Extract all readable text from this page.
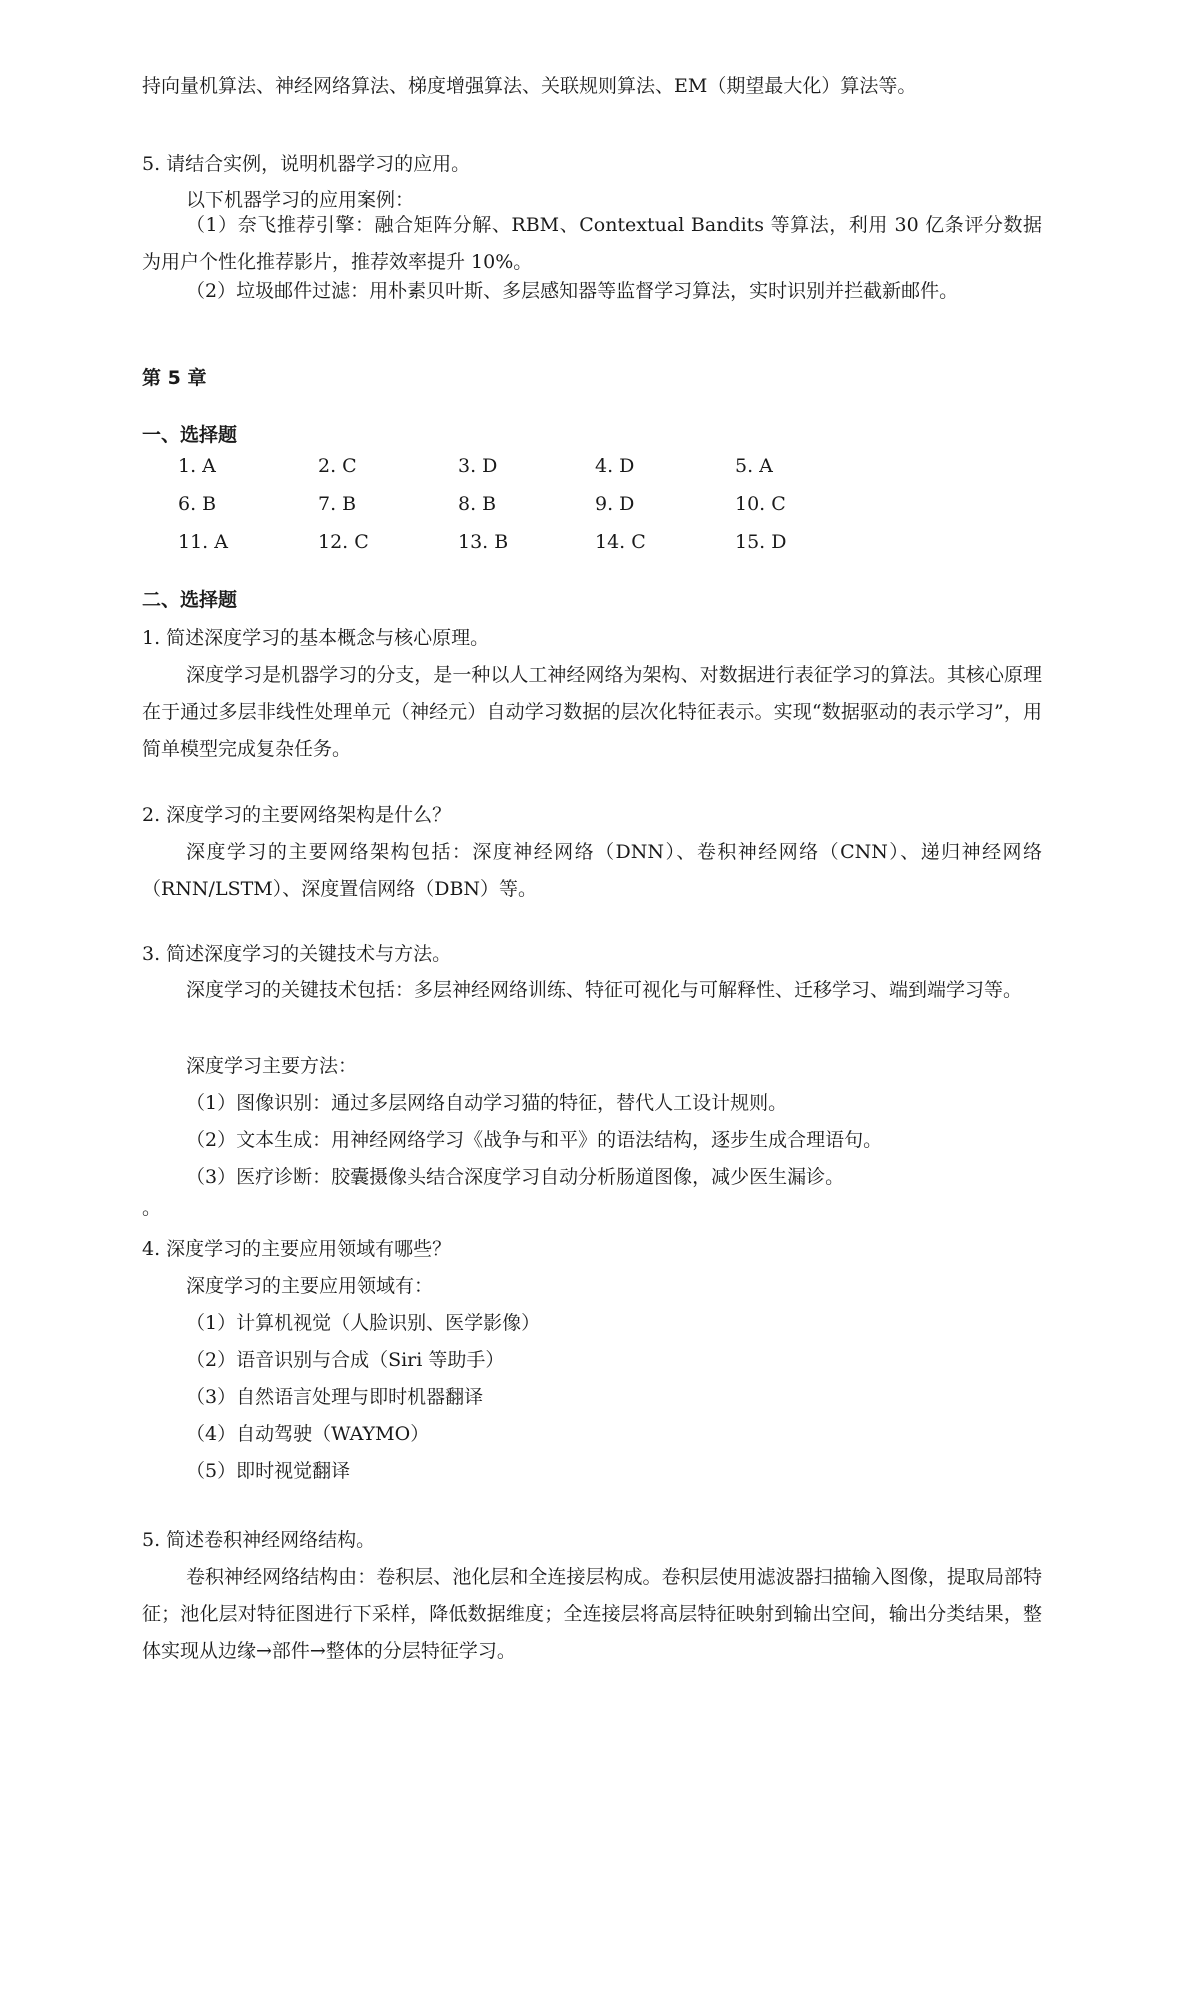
持向量机算法、神经网络算法、梯度增强算法、关联规则算法、EM（期望最大化）算法等。
5. 请结合实例，说明机器学习的应用。
以下机器学习的应用案例：
（1）奈飞推荐引擎：融合矩阵分解、RBM、Contextual Bandits 等算法，利用 30 亿条评分数据为用户个性化推荐影片，推荐效率提升 10%。
（2）垃圾邮件过滤：用朴素贝叶斯、多层感知器等监督学习算法，实时识别并拦截新邮件。
第 5 章
一、选择题
1. A	2. C	3. D	4. D	5. A
6. B	7. B	8. B	9. D	10. C
11. A	12. C	13. B	14. C	15. D
二、选择题
1. 简述深度学习的基本概念与核心原理。
深度学习是机器学习的分支，是一种以人工神经网络为架构、对数据进行表征学习的算法。其核心原理在于通过多层非线性处理单元（神经元）自动学习数据的层次化特征表示。实现“数据驱动的表示学习”，用简单模型完成复杂任务。
2. 深度学习的主要网络架构是什么？
深度学习的主要网络架构包括：深度神经网络（DNN）、卷积神经网络（CNN）、递归神经网络（RNN/LSTM）、深度置信网络（DBN）等。
3. 简述深度学习的关键技术与方法。
深度学习的关键技术包括：多层神经网络训练、特征可视化与可解释性、迁移学习、端到端学习等。
深度学习主要方法：
（1）图像识别：通过多层网络自动学习猫的特征，替代人工设计规则。
（2）文本生成：用神经网络学习《战争与和平》的语法结构，逐步生成合理语句。
（3）医疗诊断：胶囊摄像头结合深度学习自动分析肠道图像，减少医生漏诊。
。
4. 深度学习的主要应用领域有哪些？
深度学习的主要应用领域有：
（1）计算机视觉（人脸识别、医学影像）
（2）语音识别与合成（Siri 等助手）
（3）自然语言处理与即时机器翻译
（4）自动驾驶（WAYMO）
（5）即时视觉翻译
5. 简述卷积神经网络结构。
卷积神经网络结构由：卷积层、池化层和全连接层构成。卷积层使用滤波器扫描输入图像，提取局部特征；池化层对特征图进行下采样，降低数据维度；全连接层将高层特征映射到输出空间，输出分类结果，整体实现从边缘→部件→整体的分层特征学习。
